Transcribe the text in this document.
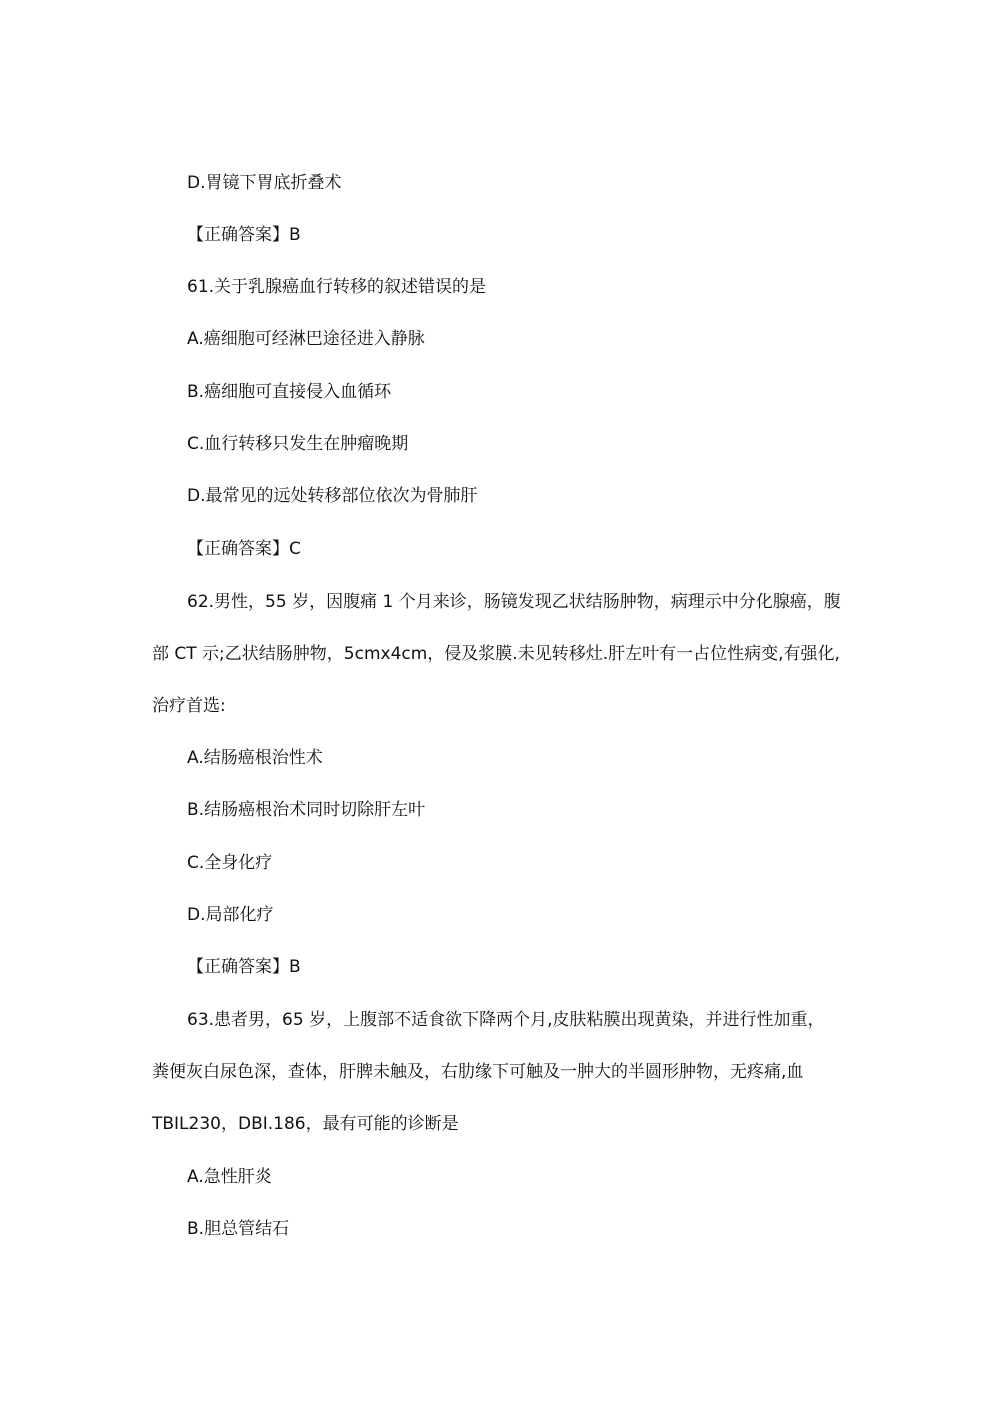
D.胃镜下胃底折叠术
【正确答案】B
61.关于乳腺癌血行转移的叙述错误的是
A.癌细胞可经淋巴途径进入静脉
B.癌细胞可直接侵入血循环
C.血行转移只发生在肿瘤晚期
D.最常见的远处转移部位依次为骨肺肝
【正确答案】C
62.男性，55 岁，因腹痛 1 个月来诊，肠镜发现乙状结肠肿物，病理示中分化腺癌，腹
部 CT 示;乙状结肠肿物，5cmx4cm，侵及浆膜.未见转移灶.肝左叶有一占位性病变,有强化,
治疗首选:
A.结肠癌根治性术
B.结肠癌根治术同时切除肝左叶
C.全身化疗
D.局部化疗
【正确答案】B
63.患者男，65 岁，上腹部不适食欲下降两个月,皮肤粘膜出现黄染，并进行性加重，
粪便灰白尿色深，查体，肝脾未触及，右肋缘下可触及一肿大的半圆形肿物，无疼痛,血
TBIL230，DBI.186，最有可能的诊断是
A.急性肝炎
B.胆总管结石
